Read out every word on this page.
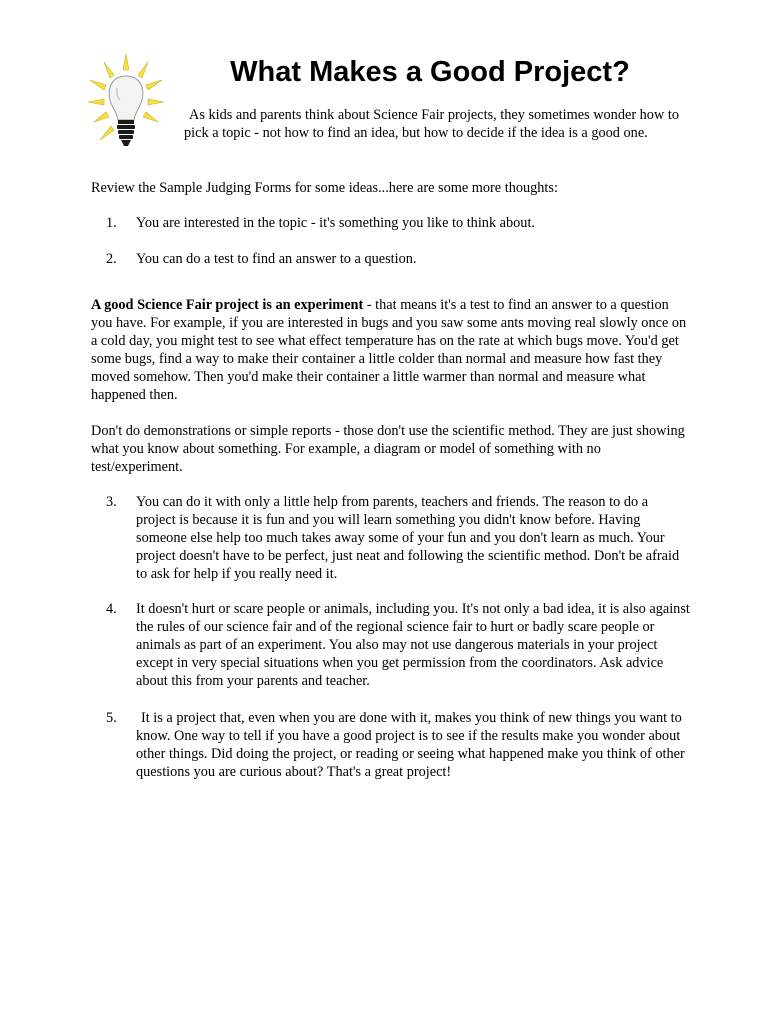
What Makes a Good Project?

As kids and parents think about Science Fair projects, they sometimes wonder how to pick a topic - not how to find an idea, but how to decide if the idea is a good one.

Review the Sample Judging Forms for some ideas...here are some more thoughts:

1.	You are interested in the topic - it's something you like to think about.
2.	You can do a test to find an answer to a question.

A good Science Fair project is an experiment - that means it's a test to find an answer to a question you have. For example, if you are interested in bugs and you saw some ants moving real slowly once on a cold day, you might test to see what effect temperature has on the rate at which bugs move. You'd get some bugs, find a way to make their container a little colder than normal and measure how fast they moved somehow. Then you'd make their container a little warmer than normal and measure what happened then.

Don't do demonstrations or simple reports - those don't use the scientific method. They are just showing what you know about something. For example, a diagram or model of something with no test/experiment.

3.	You can do it with only a little help from parents, teachers and friends. The reason to do a project is because it is fun and you will learn something you didn't know before. Having someone else help too much takes away some of your fun and you don't learn as much. Your project doesn't have to be perfect, just neat and following the scientific method. Don't be afraid to ask for help if you really need it.
4.	It doesn't hurt or scare people or animals, including you. It's not only a bad idea, it is also against the rules of our science fair and of the regional science fair to hurt or badly scare people or animals as part of an experiment. You also may not use dangerous materials in your project except in very special situations when you get permission from the coordinators. Ask advice about this from your parents and teacher.
5.	It is a project that, even when you are done with it, makes you think of new things you want to know. One way to tell if you have a good project is to see if the results make you wonder about other things. Did doing the project, or reading or seeing what happened make you think of other questions you are curious about? That's a great project!
